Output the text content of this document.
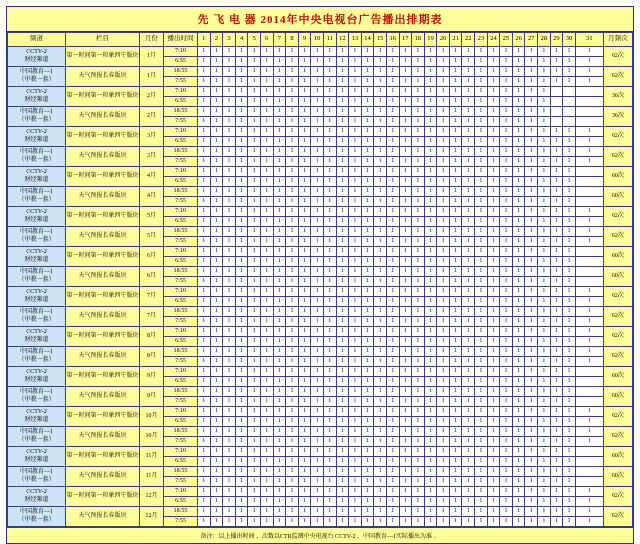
先 飞 电 器 2014年中央电视台广告播出排期表
频道	栏目	月份	播出时间	1	2	3	4	5	6	7	8	9	10	11	12	13	14	15	16	17	18	19	20	21	22	23	24	25	26	27	28	29	30	31	月频次

CCTV-2
财经频道	第一时间第一印象西宁版块	1月	7:10	1	1	1	1	1	1	1	1	1	1	1	1	1	1	1	1	1	1	1	1	1	1	1	1	1	1	1	1	1	1	1	62次
			6:55	1	1	1	1	1	1	1	1	1	1	1	1	1	1	1	1	1	1	1	1	1	1	1	1	1	1	1	1	1	1	1	

中国教育—1
（中教一套）	天气预报长春版块	1月	18:55	1	1	1	1	1	1	1	1	1	1	1	1	1	1	1	1	1	1	1	1	1	1	1	1	1	1	1	1	1	1	1	62次
			7:55	1	1	1	1	1	1	1	1	1	1	1	1	1	1	1	1	1	1	1	1	1	1	1	1	1	1	1	1	1	1	1	

CCTV-2
财经频道	第一时间第一印象西宁版块	2月	7:10	1	1	1	1	1	1	1	1	1	1	1	1	1	1	1	1	1	1	1	1	1	1	1	1	1	1	1	1				36次
			6:55	1	1	1	1	1	1	1	1	1	1	1	1	1	1	1	1	1	1	1	1	1	1	1	1	1	1	1	1				

中国教育—1
（中教一套）	天气预报长春版块	2月	18:55	1	1	1	1	1	1	1	1	1	1	1	1	1	1	1	1	1	1	1	1	1	1	1	1	1	1	1	1				36次
			7:55	1	1	1	1	1	1	1	1	1	1	1	1	1	1	1	1	1	1	1	1	1	1	1	1	1	1	1	1				

CCTV-2
财经频道	第一时间第一印象西宁版块	3月	7:10	1	1	1	1	1	1	1	1	1	1	1	1	1	1	1	1	1	1	1	1	1	1	1	1	1	1	1	1	1	1	1	62次
			6:55	1	1	1	1	1	1	1	1	1	1	1	1	1	1	1	1	1	1	1	1	1	1	1	1	1	1	1	1	1	1	1	

中国教育—1
（中教一套）	天气预报长春版块	3月	18:55	1	1	1	1	1	1	1	1	1	1	1	1	1	1	1	1	1	1	1	1	1	1	1	1	1	1	1	1	1	1	1	62次
			7:55	1	1	1	1	1	1	1	1	1	1	1	1	1	1	1	1	1	1	1	1	1	1	1	1	1	1	1	1	1	1	1	

CCTV-2
财经频道	第一时间第一印象西宁版块	4月	7:10	1	1	1	1	1	1	1	1	1	1	1	1	1	1	1	1	1	1	1	1	1	1	1	1	1	1	1	1	1	1		60次
			6:55	1	1	1	1	1	1	1	1	1	1	1	1	1	1	1	1	1	1	1	1	1	1	1	1	1	1	1	1	1	1		

中国教育—1
（中教一套）	天气预报长春版块	4月	18:55	1	1	1	1	1	1	1	1	1	1	1	1	1	1	1	1	1	1	1	1	1	1	1	1	1	1	1	1	1	1		60次
			7:55	1	1	1	1	1	1	1	1	1	1	1	1	1	1	1	1	1	1	1	1	1	1	1	1	1	1	1	1	1	1		

CCTV-2
财经频道	第一时间第一印象西宁版块	5月	7:10	1	1	1	1	1	1	1	1	1	1	1	1	1	1	1	1	1	1	1	1	1	1	1	1	1	1	1	1	1	1	1	62次
			6:55	1	1	1	1	1	1	1	1	1	1	1	1	1	1	1	1	1	1	1	1	1	1	1	1	1	1	1	1	1	1	1	

中国教育—1
（中教一套）	天气预报长春版块	5月	18:55	1	1	1	1	1	1	1	1	1	1	1	1	1	1	1	1	1	1	1	1	1	1	1	1	1	1	1	1	1	1	1	62次
			7:55	1	1	1	1	1	1	1	1	1	1	1	1	1	1	1	1	1	1	1	1	1	1	1	1	1	1	1	1	1	1	1	

CCTV-2
财经频道	第一时间第一印象西宁版块	6月	7:10	1	1	1	1	1	1	1	1	1	1	1	1	1	1	1	1	1	1	1	1	1	1	1	1	1	1	1	1	1	1		60次
			6:55	1	1	1	1	1	1	1	1	1	1	1	1	1	1	1	1	1	1	1	1	1	1	1	1	1	1	1	1	1	1		

中国教育—1
（中教一套）	天气预报长春版块	6月	18:55	1	1	1	1	1	1	1	1	1	1	1	1	1	1	1	1	1	1	1	1	1	1	1	1	1	1	1	1	1	1		60次
			7:55	1	1	1	1	1	1	1	1	1	1	1	1	1	1	1	1	1	1	1	1	1	1	1	1	1	1	1	1	1	1		

CCTV-2
财经频道	第一时间第一印象西宁版块	7月	7:10	1	1	1	1	1	1	1	1	1	1	1	1	1	1	1	1	1	1	1	1	1	1	1	1	1	1	1	1	1	1	1	62次
			6:55	1	1	1	1	1	1	1	1	1	1	1	1	1	1	1	1	1	1	1	1	1	1	1	1	1	1	1	1	1	1	1	

中国教育—1
（中教一套）	天气预报长春版块	7月	18:55	1	1	1	1	1	1	1	1	1	1	1	1	1	1	1	1	1	1	1	1	1	1	1	1	1	1	1	1	1	1	1	62次
			7:55	1	1	1	1	1	1	1	1	1	1	1	1	1	1	1	1	1	1	1	1	1	1	1	1	1	1	1	1	1	1	1	

CCTV-2
财经频道	第一时间第一印象西宁版块	8月	7:10	1	1	1	1	1	1	1	1	1	1	1	1	1	1	1	1	1	1	1	1	1	1	1	1	1	1	1	1	1	1	1	62次
			6:55	1	1	1	1	1	1	1	1	1	1	1	1	1	1	1	1	1	1	1	1	1	1	1	1	1	1	1	1	1	1	1	

中国教育—1
（中教一套）	天气预报长春版块	8月	18:55	1	1	1	1	1	1	1	1	1	1	1	1	1	1	1	1	1	1	1	1	1	1	1	1	1	1	1	1	1	1	1	62次
			7:55	1	1	1	1	1	1	1	1	1	1	1	1	1	1	1	1	1	1	1	1	1	1	1	1	1	1	1	1	1	1	1	

CCTV-2
财经频道	第一时间第一印象西宁版块	9月	7:10	1	1	1	1	1	1	1	1	1	1	1	1	1	1	1	1	1	1	1	1	1	1	1	1	1	1	1	1	1	1		60次
			6:55	1	1	1	1	1	1	1	1	1	1	1	1	1	1	1	1	1	1	1	1	1	1	1	1	1	1	1	1	1	1		

中国教育—1
（中教一套）	天气预报长春版块	9月	18:55	1	1	1	1	1	1	1	1	1	1	1	1	1	1	1	1	1	1	1	1	1	1	1	1	1	1	1	1	1	1		60次
			7:55	1	1	1	1	1	1	1	1	1	1	1	1	1	1	1	1	1	1	1	1	1	1	1	1	1	1	1	1	1	1		

CCTV-2
财经频道	第一时间第一印象西宁版块	10月	7:10	1	1	1	1	1	1	1	1	1	1	1	1	1	1	1	1	1	1	1	1	1	1	1	1	1	1	1	1	1	1	1	62次
			6:55	1	1	1	1	1	1	1	1	1	1	1	1	1	1	1	1	1	1	1	1	1	1	1	1	1	1	1	1	1	1	1	

中国教育—1
（中教一套）	天气预报长春版块	10月	18:55	1	1	1	1	1	1	1	1	1	1	1	1	1	1	1	1	1	1	1	1	1	1	1	1	1	1	1	1	1	1	1	62次
			7:55	1	1	1	1	1	1	1	1	1	1	1	1	1	1	1	1	1	1	1	1	1	1	1	1	1	1	1	1	1	1	1	

CCTV-2
财经频道	第一时间第一印象西宁版块	11月	7:10	1	1	1	1	1	1	1	1	1	1	1	1	1	1	1	1	1	1	1	1	1	1	1	1	1	1	1	1	1	1		60次
			6:55	1	1	1	1	1	1	1	1	1	1	1	1	1	1	1	1	1	1	1	1	1	1	1	1	1	1	1	1	1	1		

中国教育—1
（中教一套）	天气预报长春版块	11月	18:55	1	1	1	1	1	1	1	1	1	1	1	1	1	1	1	1	1	1	1	1	1	1	1	1	1	1	1	1	1	1		60次
			7:55	1	1	1	1	1	1	1	1	1	1	1	1	1	1	1	1	1	1	1	1	1	1	1	1	1	1	1	1	1	1		

CCTV-2
财经频道	第一时间第一印象西宁版块	12月	7:10	1	1	1	1	1	1	1	1	1	1	1	1	1	1	1	1	1	1	1	1	1	1	1	1	1	1	1	1	1	1	1	62次
			6:55	1	1	1	1	1	1	1	1	1	1	1	1	1	1	1	1	1	1	1	1	1	1	1	1	1	1	1	1	1	1	1	

中国教育—1
（中教一套）	天气预报长春版块	12月	18:55	1	1	1	1	1	1	1	1	1	1	1	1	1	1	1	1	1	1	1	1	1	1	1	1	1	1	1	1	1	1	1	62次
			7:55	1	1	1	1	1	1	1	1	1	1	1	1	1	1	1	1	1	1	1	1	1	1	1	1	1	1	1	1	1	1	1	
备注：以上播出时间 、次数以CTR监测中央电视台 CCTV-2 、中国教育—1实际播出为准 。
